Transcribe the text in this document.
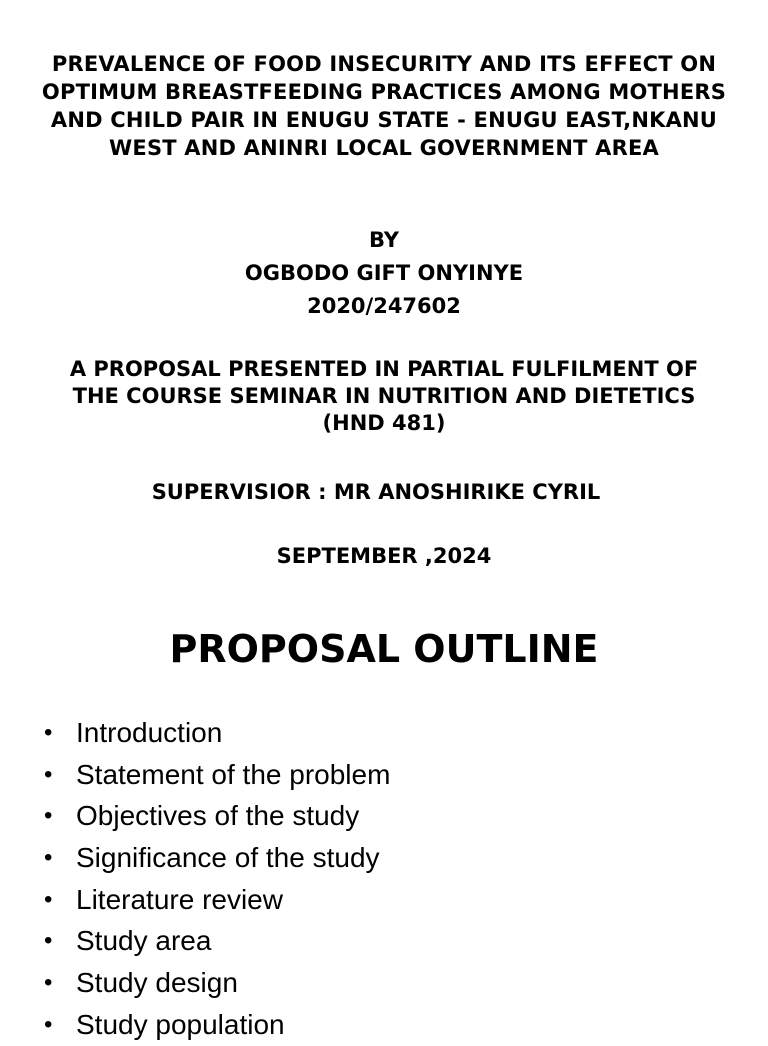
PREVALENCE OF FOOD INSECURITY AND ITS EFFECT ON OPTIMUM BREASTFEEDING PRACTICES AMONG MOTHERS AND CHILD PAIR IN ENUGU STATE - ENUGU EAST,NKANU WEST AND ANINRI LOCAL GOVERNMENT AREA

BY

OGBODO GIFT ONYINYE

2020/247602

A PROPOSAL PRESENTED IN PARTIAL FULFILMENT OF THE COURSE SEMINAR IN NUTRITION AND DIETETICS (HND 481)

SUPERVISIOR : MR ANOSHIRIKE CYRIL

SEPTEMBER ,2024

PROPOSAL OUTLINE
• Introduction
• Statement of the problem
• Objectives of the study
• Significance of the study
• Literature review
• Study area
• Study design
• Study population
